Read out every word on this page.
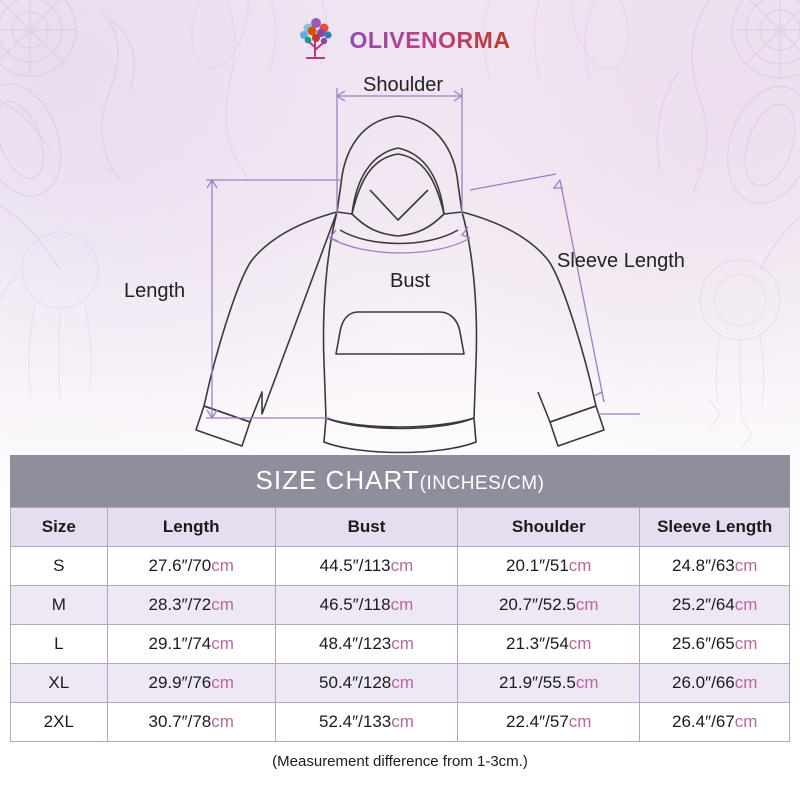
OLIVENORMA
Shoulder
Sleeve Length
Length	Bust
SIZE CHART(INCHES/CM)
Size	Length	Bust	Shoulder	Sleeve Length
S	27.6″/70cm	44.5″/113cm	20.1″/51cm	24.8″/63cm
M	28.3″/72cm	46.5″/118cm	20.7″/52.5cm	25.2″/64cm
L	29.1″/74cm	48.4″/123cm	21.3″/54cm	25.6″/65cm
XL	29.9″/76cm	50.4″/128cm	21.9″/55.5cm	26.0″/66cm
2XL	30.7″/78cm	52.4″/133cm	22.4″/57cm	26.4″/67cm
(Measurement difference from 1-3cm.)
